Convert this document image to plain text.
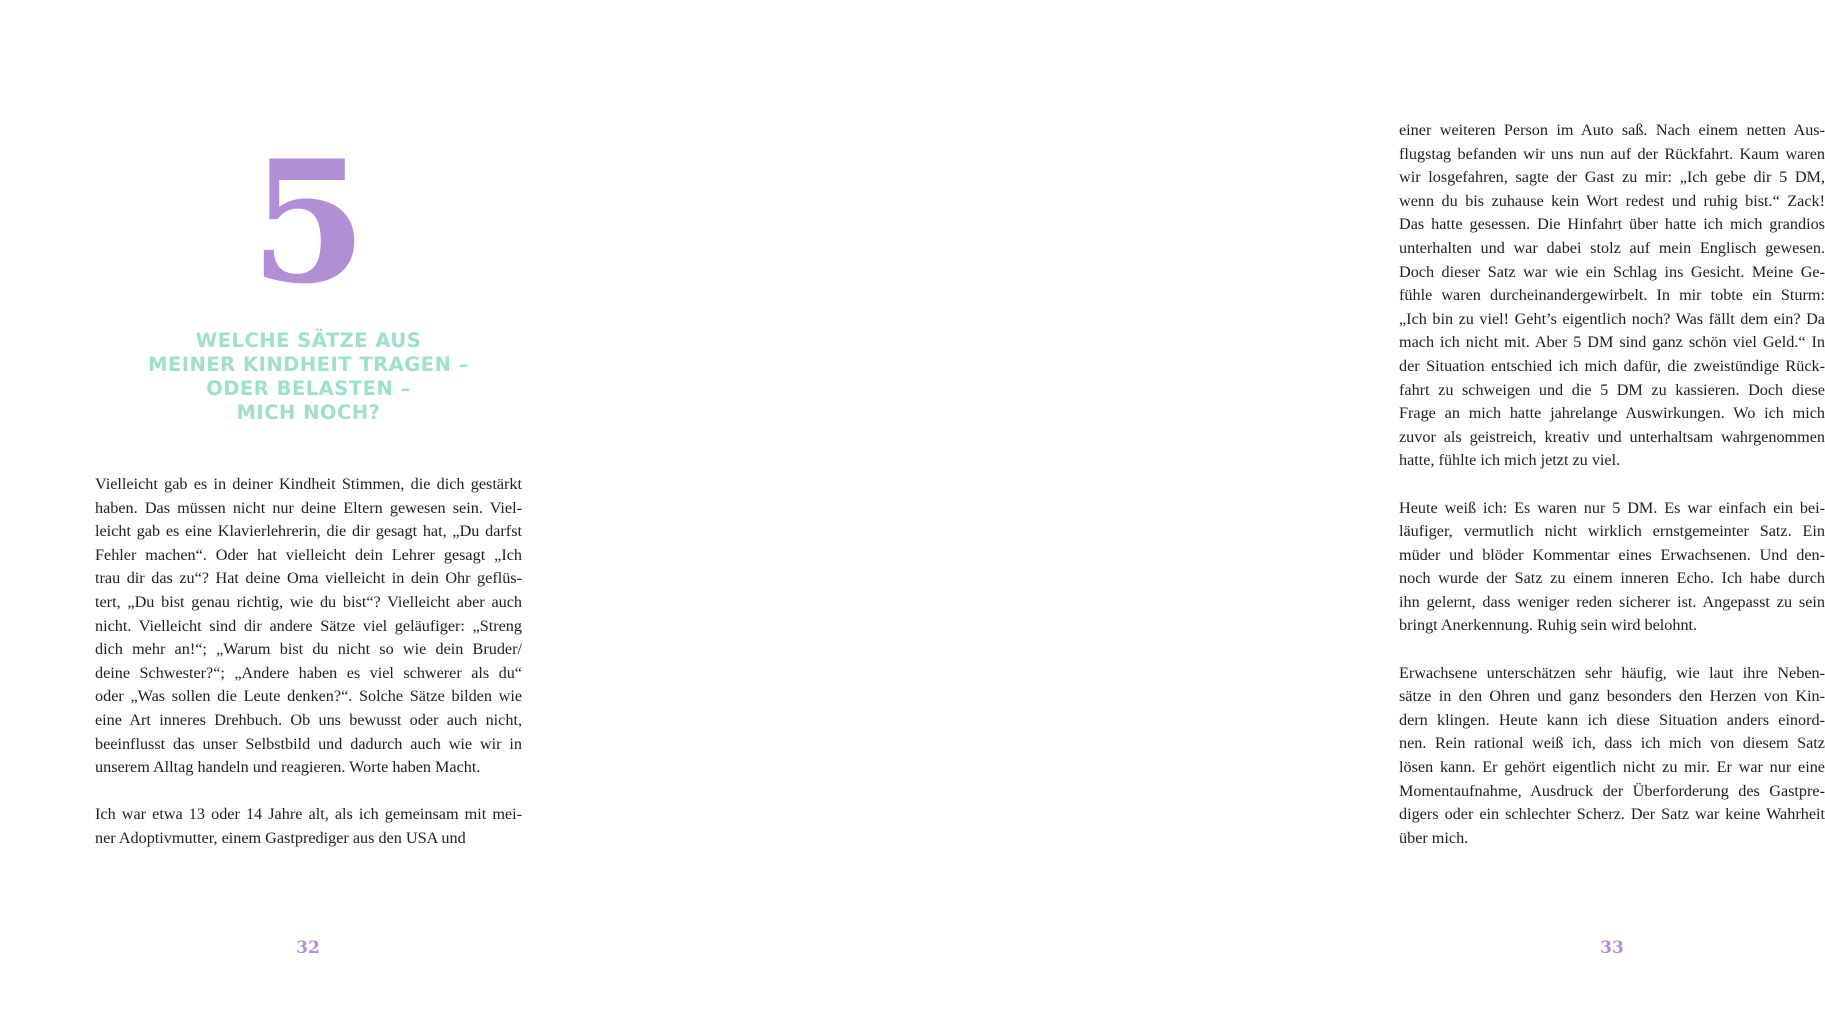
5
WELCHE SÄTZE AUS
MEINER KINDHEIT TRAGEN –
ODER BELASTEN –
MICH NOCH?
Vielleicht gab es in deiner Kindheit Stimmen, die dich gestärkt
haben. Das müssen nicht nur deine Eltern gewesen sein. Viel-
leicht gab es eine Klavierlehrerin, die dir gesagt hat, „Du darfst
Fehler machen“. Oder hat vielleicht dein Lehrer gesagt „Ich
trau dir das zu“? Hat deine Oma vielleicht in dein Ohr geflüs-
tert, „Du bist genau richtig, wie du bist“? Vielleicht aber auch
nicht. Vielleicht sind dir andere Sätze viel geläufiger: „Streng
dich mehr an!“; „Warum bist du nicht so wie dein Bruder/
deine Schwester?“; „Andere haben es viel schwerer als du“
oder „Was sollen die Leute denken?“. Solche Sätze bilden wie
eine Art inneres Drehbuch. Ob uns bewusst oder auch nicht,
beeinflusst das unser Selbstbild und dadurch auch wie wir in
unserem Alltag handeln und reagieren. Worte haben Macht.
Ich war etwa 13 oder 14 Jahre alt, als ich gemeinsam mit mei-
ner Adoptivmutter, einem Gastprediger aus den USA und
32
einer weiteren Person im Auto saß. Nach einem netten Aus-
flugstag befanden wir uns nun auf der Rückfahrt. Kaum waren
wir losgefahren, sagte der Gast zu mir: „Ich gebe dir 5 DM,
wenn du bis zuhause kein Wort redest und ruhig bist.“ Zack!
Das hatte gesessen. Die Hinfahrt über hatte ich mich grandios
unterhalten und war dabei stolz auf mein Englisch gewesen.
Doch dieser Satz war wie ein Schlag ins Gesicht. Meine Ge-
fühle waren durcheinandergewirbelt. In mir tobte ein Sturm:
„Ich bin zu viel! Geht’s eigentlich noch? Was fällt dem ein? Da
mach ich nicht mit. Aber 5 DM sind ganz schön viel Geld.“ In
der Situation entschied ich mich dafür, die zweistündige Rück-
fahrt zu schweigen und die 5 DM zu kassieren. Doch diese
Frage an mich hatte jahrelange Auswirkungen. Wo ich mich
zuvor als geistreich, kreativ und unterhaltsam wahrgenommen
hatte, fühlte ich mich jetzt zu viel.
Heute weiß ich: Es waren nur 5 DM. Es war einfach ein bei-
läufiger, vermutlich nicht wirklich ernstgemeinter Satz. Ein
müder und blöder Kommentar eines Erwachsenen. Und den-
noch wurde der Satz zu einem inneren Echo. Ich habe durch
ihn gelernt, dass weniger reden sicherer ist. Angepasst zu sein
bringt Anerkennung. Ruhig sein wird belohnt.
Erwachsene unterschätzen sehr häufig, wie laut ihre Neben-
sätze in den Ohren und ganz besonders den Herzen von Kin-
dern klingen. Heute kann ich diese Situation anders einord-
nen. Rein rational weiß ich, dass ich mich von diesem Satz
lösen kann. Er gehört eigentlich nicht zu mir. Er war nur eine
Momentaufnahme, Ausdruck der Überforderung des Gastpre-
digers oder ein schlechter Scherz. Der Satz war keine Wahrheit
über mich.
33
